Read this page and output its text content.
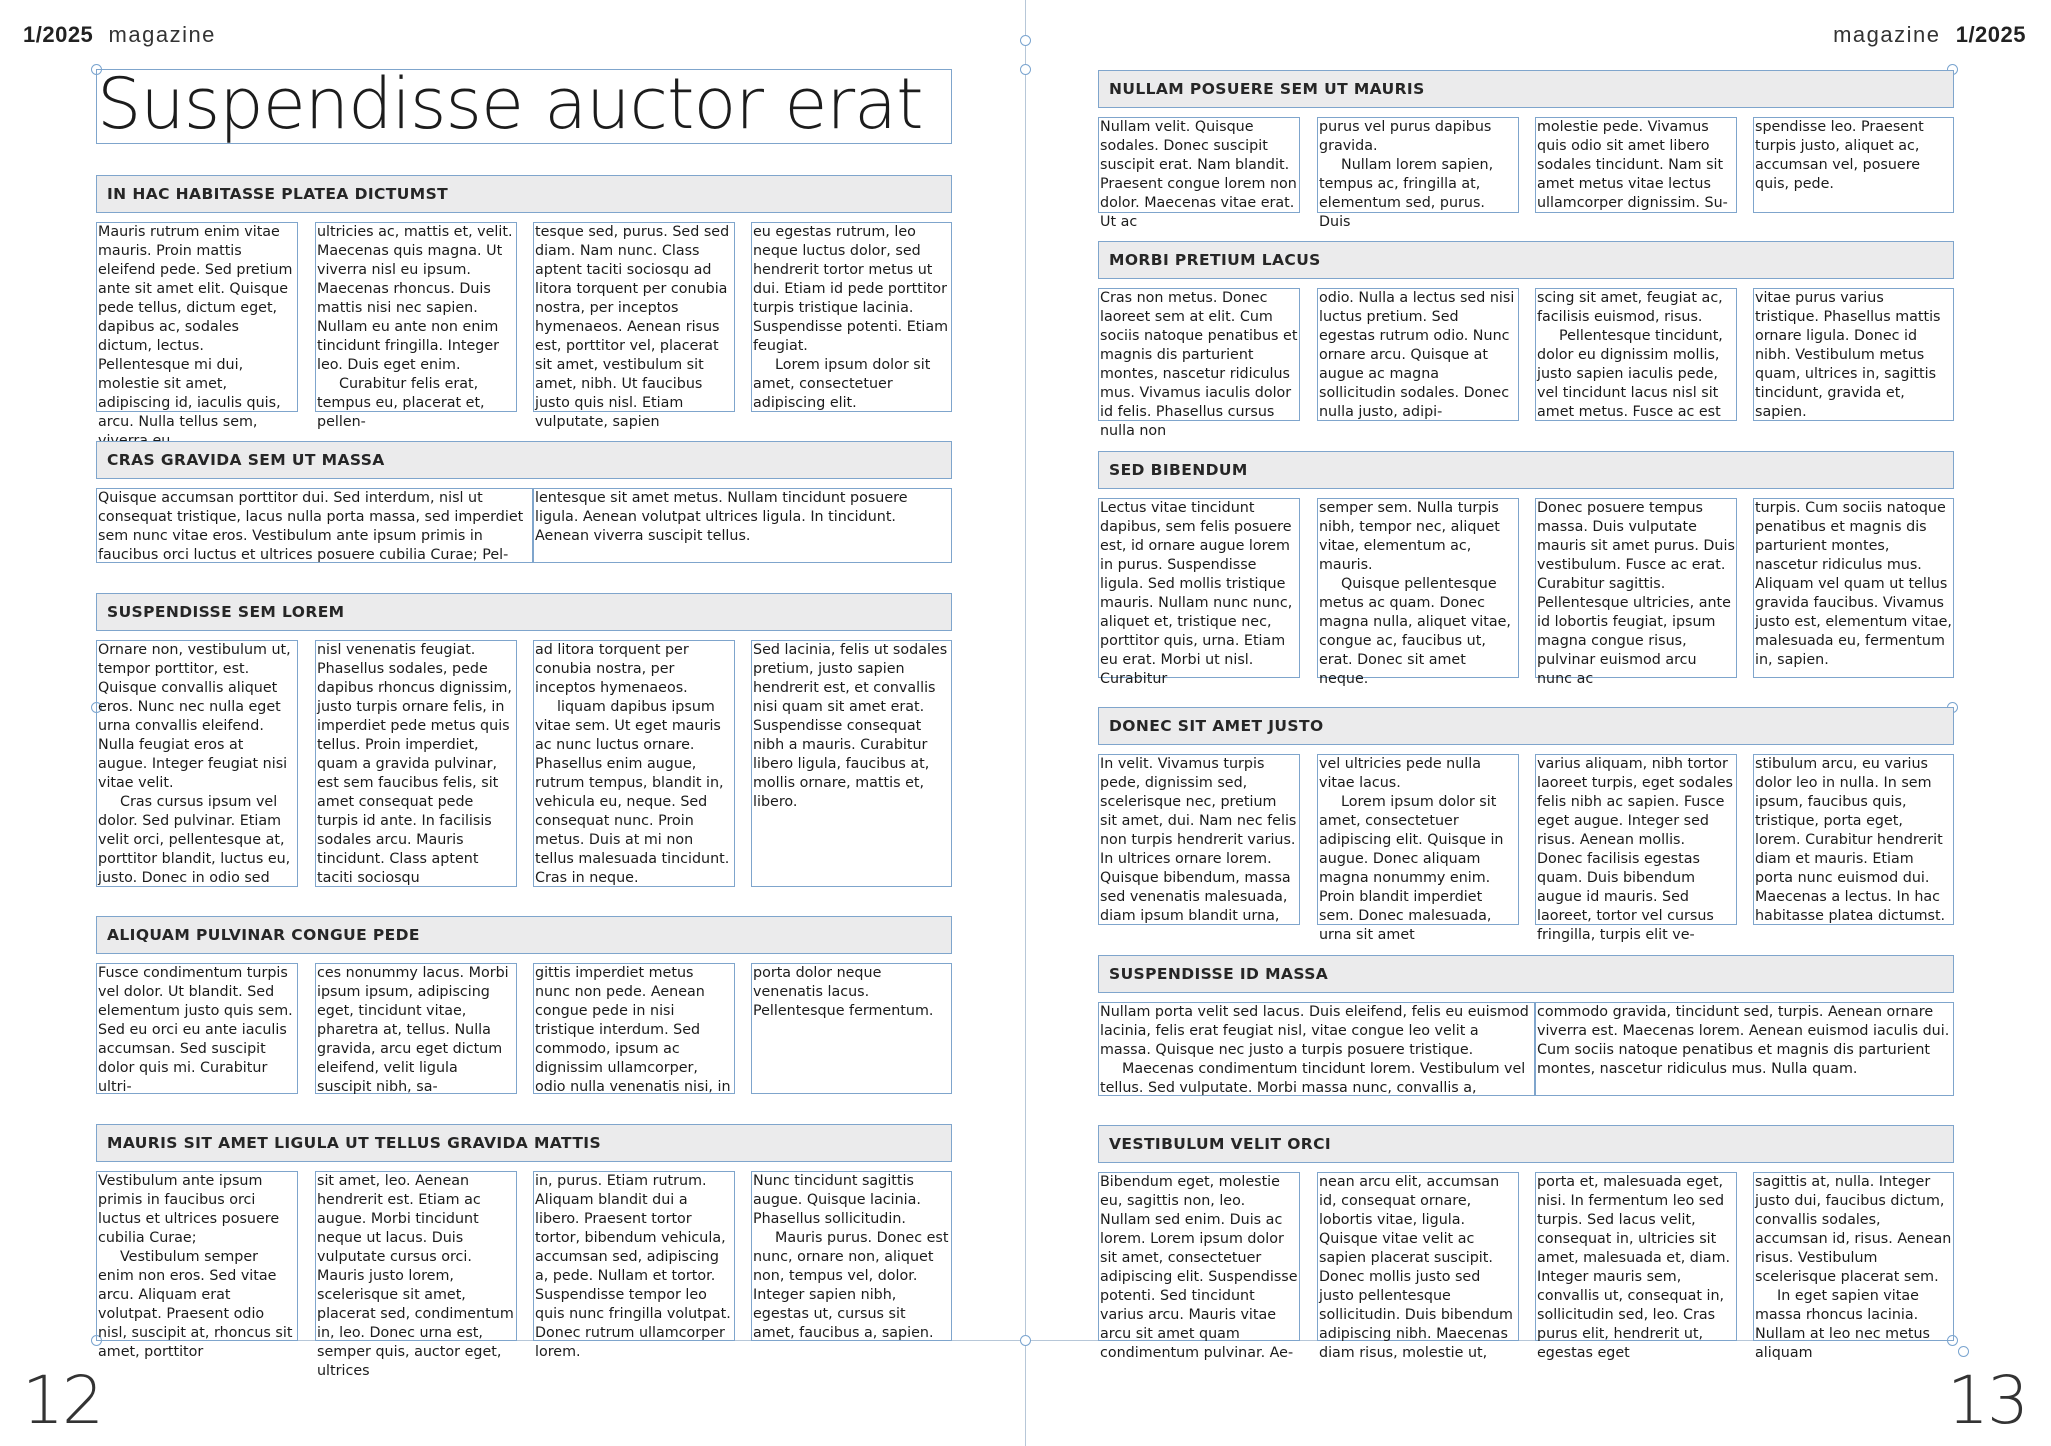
1/2025 magazine	magazine 1/2025
12	13
Suspendisse auctor erat
IN HAC HABITASSE PLATEA DICTUMST

Mauris rutrum enim vitae mauris. Proin mattis eleifend pede. Sed pretium ante sit amet elit. Quisque pede tellus, dictum eget, dapibus ac, sodales dictum, lectus. Pellentesque mi dui, molestie sit amet, adipiscing id, iaculis quis, arcu. Nulla tellus sem,

ultricies ac, mattis et, velit. Maecenas quis magna. Ut viverra nisl eu ipsum. Maecenas rhoncus. Duis mattis nisi nec sapien. Nullam eu ante non enim tincidunt fringilla. Integer leo. Duis eget enim.

Curabitur felis erat, tempus eu, placerat et, pellen-

tesque sed, purus. Sed sed diam. Nam nunc. Class aptent taciti sociosqu ad litora torquent per conubia nostra, per inceptos hymenaeos. Aenean risus est, porttitor vel, placerat sit amet, vestibulum sit amet, nibh. Ut faucibus justo quis nisl. Etiam vulputate, sapien

eu egestas rutrum, leo neque luctus dolor, sed hendrerit tortor metus ut dui. Etiam id pede porttitor turpis tristique lacinia. Suspendisse potenti. Etiam feugiat.

Lorem ipsum dolor sit amet, consectetuer adipiscing elit.

CRAS GRAVIDA SEM UT MASSA

Quisque accumsan porttitor dui. Sed interdum, nisl ut consequat tristique, lacus nulla porta massa, sed imperdiet sem nunc vitae eros. Vestibulum ante ipsum primis in faucibus orci luctus et ultrices posuere cubilia Curae; Pel-

lentesque sit amet metus. Nullam tincidunt posuere ligula. Aenean volutpat ultrices ligula. In tincidunt. Aenean viverra suscipit tellus.

SUSPENDISSE SEM LOREM

Ornare non, vestibulum ut, tempor porttitor, est. Quisque convallis aliquet eros. Nunc nec nulla eget urna convallis eleifend. Nulla feugiat eros at augue. Integer feugiat nisi vitae velit.

Cras cursus ipsum vel dolor. Sed pulvinar. Etiam velit orci, pellentesque at, porttitor blandit, luctus eu, justo. Donec in odio sed

nisl venenatis feugiat. Phasellus sodales, pede dapibus rhoncus dignissim, justo turpis ornare felis, in imperdiet pede metus quis tellus. Proin imperdiet, quam a gravida pulvinar, est sem faucibus felis, sit amet consequat pede turpis id ante. In facilisis sodales arcu. Mauris tincidunt. Class aptent taciti sociosqu

ad litora torquent per conubia nostra, per inceptos hymenaeos.

liquam dapibus ipsum vitae sem. Ut eget mauris ac nunc luctus ornare. Phasellus enim augue, rutrum tempus, blandit in, vehicula eu, neque. Sed consequat nunc. Proin metus. Duis at mi non tellus malesuada tincidunt. Cras in neque.

Sed lacinia, felis ut sodales pretium, justo sapien hendrerit est, et convallis nisi quam sit amet erat. Suspendisse consequat nibh a mauris. Curabitur libero ligula, faucibus at, mollis ornare, mattis et, libero.

ALIQUAM PULVINAR CONGUE PEDE

Fusce condimentum turpis vel dolor. Ut blandit. Sed elementum justo quis sem. Sed eu orci eu ante iaculis accumsan. Sed suscipit dolor quis mi. Curabitur ultri-

ces nonummy lacus. Morbi ipsum ipsum, adipiscing eget, tincidunt vitae, pharetra at, tellus. Nulla gravida, arcu eget dictum eleifend, velit ligula suscipit nibh, sa-

gittis imperdiet metus nunc non pede. Aenean congue pede in nisi tristique interdum. Sed commodo, ipsum ac dignissim ullamcorper, odio nulla venenatis nisi, in

porta dolor neque venenatis lacus. Pellentesque fermentum.

MAURIS SIT AMET LIGULA UT TELLUS GRAVIDA MATTIS

Vestibulum ante ipsum primis in faucibus orci luctus et ultrices posuere cubilia Curae;

Vestibulum semper enim non eros. Sed vitae arcu. Aliquam erat volutpat. Praesent odio nisl, suscipit at, rhoncus sit amet, porttitor

sit amet, leo. Aenean hendrerit est. Etiam ac augue. Morbi tincidunt neque ut lacus. Duis vulputate cursus orci. Mauris justo lorem, scelerisque sit amet, placerat sed, condimentum in, leo. Donec urna est, semper quis, auctor eget, ultrices

in, purus. Etiam rutrum. Aliquam blandit dui a libero. Praesent tortor tortor, bibendum vehicula, accumsan sed, adipiscing a, pede. Nullam et tortor. Suspendisse tempor leo quis nunc fringilla volutpat. Donec rutrum ullamcorper lorem.

Nunc tincidunt sagittis augue. Quisque lacinia. Phasellus sollicitudin.

Mauris purus. Donec est nunc, ornare non, aliquet non, tempus vel, dolor. Integer sapien nibh, egestas ut, cursus sit amet, faucibus a, sapien.

NULLAM POSUERE SEM UT MAURIS

Nullam velit. Quisque sodales. Donec suscipit suscipit erat. Nam blandit. Praesent congue lorem non dolor. Maecenas vitae erat. Ut ac

purus vel purus dapibus gravida.

Nullam lorem sapien, tempus ac, fringilla at, elementum sed, purus. Duis

molestie pede. Vivamus quis odio sit amet libero sodales tincidunt. Nam sit amet metus vitae lectus ullamcorper dignissim. Su-

spendisse leo. Praesent turpis justo, aliquet ac, accumsan vel, posuere quis, pede.

MORBI PRETIUM LACUS

Cras non metus. Donec laoreet sem at elit. Cum sociis natoque penatibus et magnis dis parturient montes, nascetur ridiculus mus. Vivamus iaculis dolor id felis. Phasellus cursus nulla non

odio. Nulla a lectus sed nisi luctus pretium. Sed egestas rutrum odio. Nunc ornare arcu. Quisque at augue ac magna sollicitudin sodales. Donec nulla justo, adipi-

scing sit amet, feugiat ac, facilisis euismod, risus.

Pellentesque tincidunt, dolor eu dignissim mollis, justo sapien iaculis pede, vel tincidunt lacus nisl sit amet metus. Fusce ac est

vitae purus varius tristique. Phasellus mattis ornare ligula. Donec id nibh. Vestibulum metus quam, ultrices in, sagittis tincidunt, gravida et, sapien.

SED BIBENDUM

Lectus vitae tincidunt dapibus, sem felis posuere est, id ornare augue lorem in purus. Suspendisse ligula. Sed mollis tristique mauris. Nullam nunc nunc, aliquet et, tristique nec, porttitor quis, urna. Etiam eu erat. Morbi ut nisl. Curabitur

semper sem. Nulla turpis nibh, tempor nec, aliquet vitae, elementum ac, mauris.

Quisque pellentesque metus ac quam. Donec magna nulla, aliquet vitae, congue ac, faucibus ut, erat. Donec sit amet neque.

Donec posuere tempus massa. Duis vulputate mauris sit amet purus. Duis vestibulum. Fusce ac erat. Curabitur sagittis. Pellentesque ultricies, ante id lobortis feugiat, ipsum magna congue risus, pulvinar euismod arcu nunc ac

turpis. Cum sociis natoque penatibus et magnis dis parturient montes, nascetur ridiculus mus. Aliquam vel quam ut tellus gravida faucibus. Vivamus justo est, elementum vitae, malesuada eu, fermentum in, sapien.

DONEC SIT AMET JUSTO

In velit. Vivamus turpis pede, dignissim sed, scelerisque nec, pretium sit amet, dui. Nam nec felis non turpis hendrerit varius. In ultrices ornare lorem. Quisque bibendum, massa sed venenatis malesuada, diam ipsum blandit urna,

vel ultricies pede nulla vitae lacus.

Lorem ipsum dolor sit amet, consectetuer adipiscing elit. Quisque in augue. Donec aliquam magna nonummy enim. Proin blandit imperdiet sem. Donec malesuada, urna sit amet

varius aliquam, nibh tortor laoreet turpis, eget sodales felis nibh ac sapien. Fusce eget augue. Integer sed risus. Aenean mollis. Donec facilisis egestas quam. Duis bibendum augue id mauris. Sed laoreet, tortor vel cursus fringilla, turpis elit ve-

stibulum arcu, eu varius dolor leo in nulla. In sem ipsum, faucibus quis, tristique, porta eget, lorem. Curabitur hendrerit diam et mauris. Etiam porta nunc euismod dui. Maecenas a lectus. In hac habitasse platea dictumst.

SUSPENDISSE ID MASSA

Nullam porta velit sed lacus. Duis eleifend, felis eu euismod lacinia, felis erat feugiat nisl, vitae congue leo velit a massa. Quisque nec justo a turpis posuere tristique.

Maecenas condimentum tincidunt lorem. Vestibulum vel tellus. Sed vulputate. Morbi massa nunc, convallis a,

commodo gravida, tincidunt sed, turpis. Aenean ornare viverra est. Maecenas lorem. Aenean euismod iaculis dui. Cum sociis natoque penatibus et magnis dis parturient montes, nascetur ridiculus mus. Nulla quam.

VESTIBULUM VELIT ORCI

Bibendum eget, molestie eu, sagittis non, leo. Nullam sed enim. Duis ac lorem. Lorem ipsum dolor sit amet, consectetuer adipiscing elit. Suspendisse potenti. Sed tincidunt varius arcu. Mauris vitae arcu sit amet quam condimentum pulvinar. Ae-

nean arcu elit, accumsan id, consequat ornare, lobortis vitae, ligula. Quisque vitae velit ac sapien placerat suscipit. Donec mollis justo sed justo pellentesque sollicitudin. Duis bibendum adipiscing nibh. Maecenas diam risus, molestie ut,

porta et, malesuada eget, nisi. In fermentum leo sed turpis. Sed lacus velit, consequat in, ultricies sit amet, malesuada et, diam. Integer mauris sem, convallis ut, consequat in, sollicitudin sed, leo. Cras purus elit, hendrerit ut, egestas eget

sagittis at, nulla. Integer justo dui, faucibus dictum, convallis sodales, accumsan id, risus. Aenean risus. Vestibulum scelerisque placerat sem.

In eget sapien vitae massa rhoncus lacinia. Nullam at leo nec metus aliquam
